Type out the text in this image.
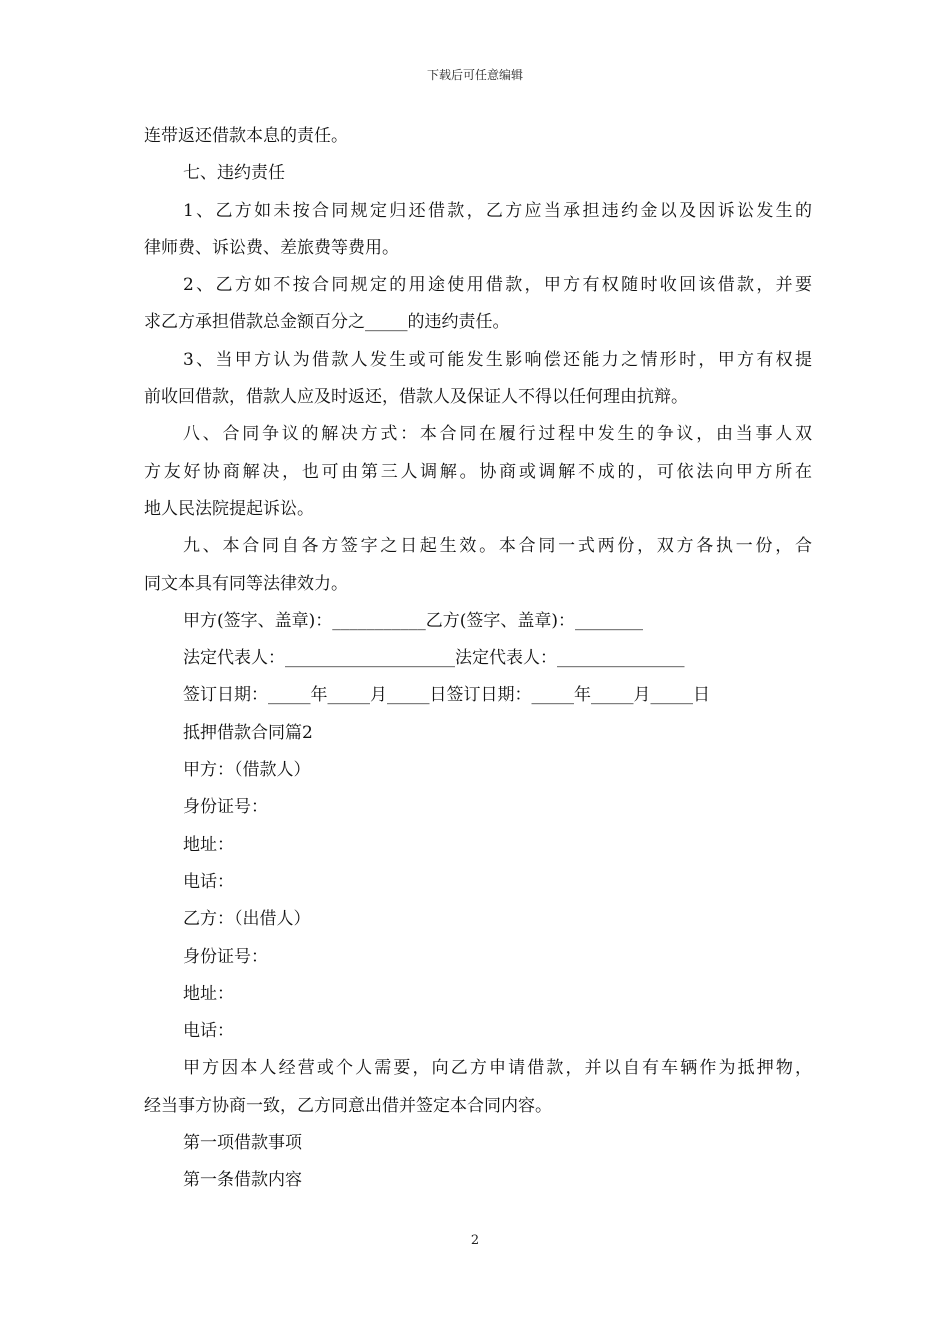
下载后可任意编辑

连带返还借款本息的责任。

七、违约责任

1、乙方如未按合同规定归还借款，乙方应当承担违约金以及因诉讼发生的

律师费、诉讼费、差旅费等费用。

2、乙方如不按合同规定的用途使用借款，甲方有权随时收回该借款，并要

求乙方承担借款总金额百分之_____的违约责任。

3、当甲方认为借款人发生或可能发生影响偿还能力之情形时，甲方有权提

前收回借款，借款人应及时返还，借款人及保证人不得以任何理由抗辩。

八、合同争议的解决方式：本合同在履行过程中发生的争议，由当事人双

方友好协商解决，也可由第三人调解。协商或调解不成的，可依法向甲方所在

地人民法院提起诉讼。

九、本合同自各方签字之日起生效。本合同一式两份，双方各执一份，合

同文本具有同等法律效力。

甲方(签字、盖章)：___________乙方(签字、盖章)：________

法定代表人：____________________法定代表人：_______________

签订日期：_____年_____月_____日签订日期：_____年_____月_____日

抵押借款合同篇2

甲方：（借款人）

身份证号：

地址：

电话：

乙方：（出借人）

身份证号：

地址：

电话：

甲方因本人经营或个人需要，向乙方申请借款，并以自有车辆作为抵押物，

经当事方协商一致，乙方同意出借并签定本合同内容。

第一项借款事项

第一条借款内容

2
